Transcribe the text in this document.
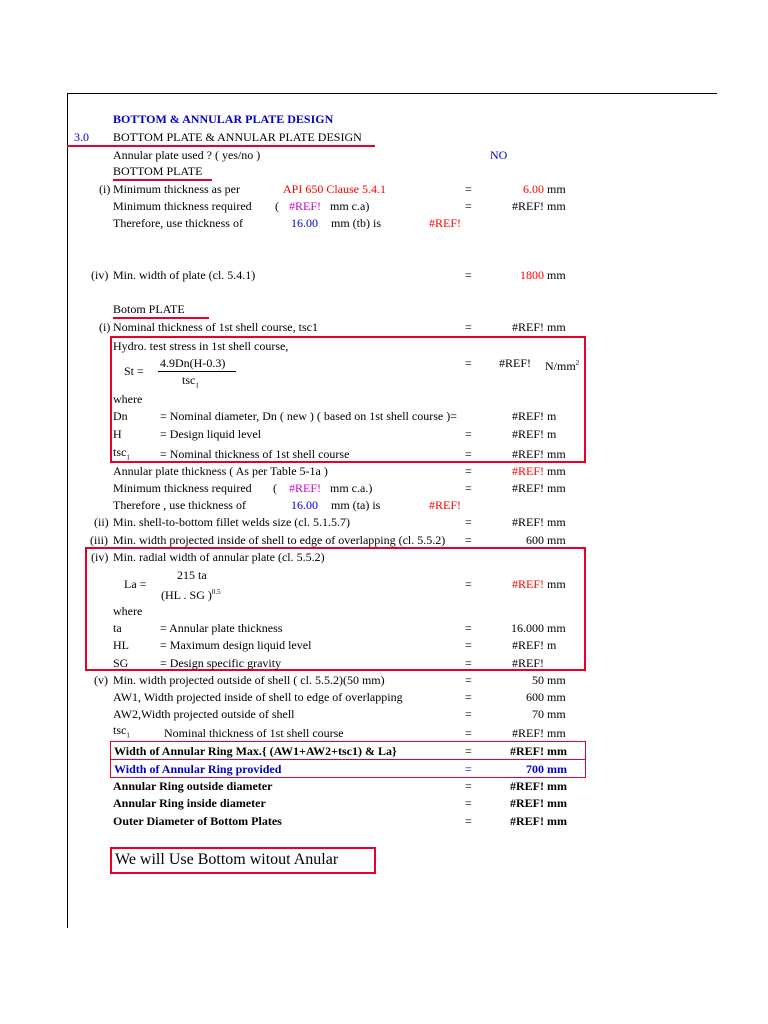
BOTTOM & ANNULAR PLATE DESIGN
3.0 BOTTOM PLATE & ANNULAR PLATE DESIGN
Annular plate used ? ( yes/no )	NO
BOTTOM PLATE
(i) Minimum thickness as per	API 650 Clause 5.4.1	=	6.00 mm
Minimum thickness required ( #REF! mm c.a)	=	#REF! mm
Therefore, use thickness of	16.00 mm (tb) is	#REF!
(iv) Min. width of plate (cl. 5.4.1)	=	1800 mm
Botom PLATE
(i) Nominal thickness of 1st shell course, tsc1	=	#REF! mm
Hydro. test stress in 1st shell course,
St =
4.9Dn(H-0.3)
tsc$_1$
= #REF! $N/mm^2$
where
Dn	= Nominal diameter, Dn ( new ) ( based on 1st shell course )=	#REF! m
H	= Design liquid level	=	#REF! m
tsc$_1$	= Nominal thickness of 1st shell course	=	#REF! mm
Annular plate thickness ( As per Table 5-1a )	=	#REF! mm
Minimum thickness required ( #REF! mm c.a.)	=	#REF! mm
Therefore , use thickness of	16.00 mm (ta) is	#REF!
(ii) Min. shell-to-bottom fillet welds size (cl. 5.1.5.7)	=	#REF! mm
(iii) Min. width projected inside of shell to edge of overlapping (cl. 5.5.2) =	600 mm
(iv) Min. radial width of annular plate (cl. 5.5.2)
La =
215 ta
(HL . SG )$^{0.5}$
=	#REF! mm
where
ta	= Annular plate thickness	=	16.000 mm
HL	= Maximum design liquid level	=	#REF! m
SG	= Design specific gravity	=	#REF!
(v) Min. width projected outside of shell ( cl. 5.5.2)(50 mm)	=	50 mm
AW1, Width projected inside of shell to edge of overlapping	=	600 mm
AW2,Width projected outside of shell	=	70 mm
tsc$_1$	Nominal thickness of 1st shell course	=	#REF! mm
Width of Annular Ring Max.{ (AW1+AW2+tsc1) & La}	=	#REF! mm
Width of Annular Ring provided	=	700 mm
Annular Ring outside diameter	=	#REF! mm
Annular Ring inside diameter	=	#REF! mm
Outer Diameter of Bottom Plates	=	#REF! mm
We will Use Bottom witout Anular
